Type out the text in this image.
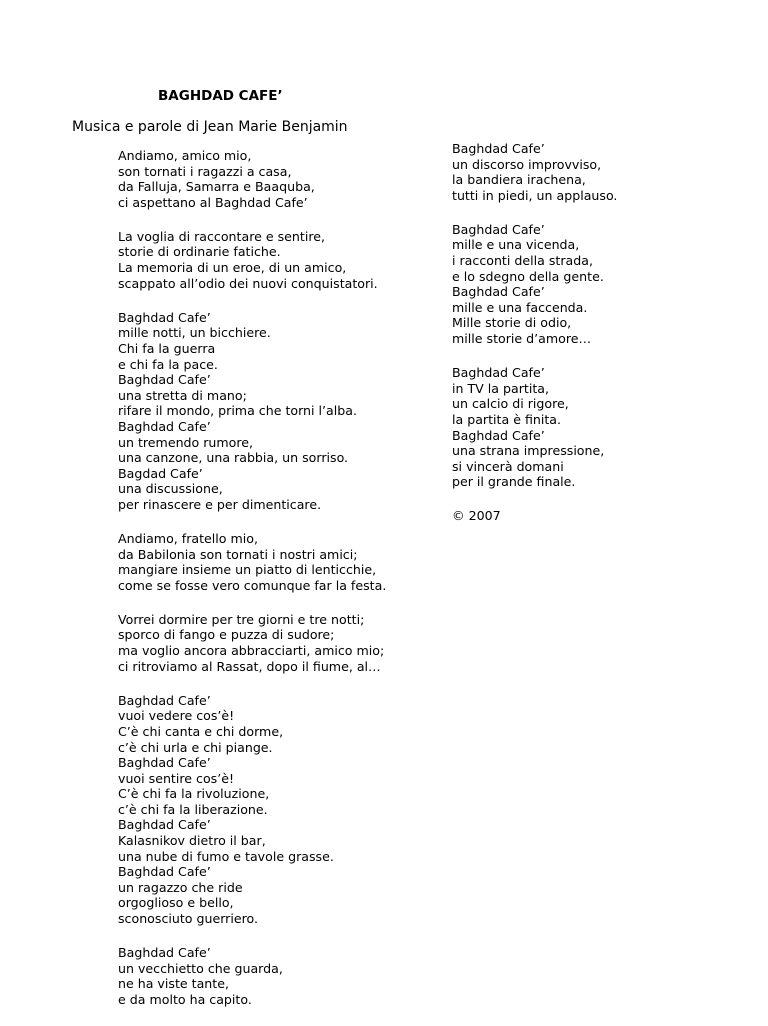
BAGHDAD CAFE’
Musica e parole di Jean Marie Benjamin
Andiamo, amico mio,
son tornati i ragazzi a casa,
da Falluja, Samarra e Baaquba,
ci aspettano al Baghdad Cafe’
La voglia di raccontare e sentire,
storie di ordinarie fatiche.
La memoria di un eroe, di un amico,
scappato all’odio dei nuovi conquistatori.
Baghdad Cafe’
mille notti, un bicchiere.
Chi fa la guerra
e chi fa la pace.
Baghdad Cafe’
una stretta di mano;
rifare il mondo, prima che torni l’alba.
Baghdad Cafe’
un tremendo rumore,
una canzone, una rabbia, un sorriso.
Bagdad Cafe’
una discussione,
per rinascere e per dimenticare.
Andiamo, fratello mio,
da Babilonia son tornati i nostri amici;
mangiare insieme un piatto di lenticchie,
come se fosse vero comunque far la festa.
Vorrei dormire per tre giorni e tre notti;
sporco di fango e puzza di sudore;
ma voglio ancora abbracciarti, amico mio;
ci ritroviamo al Rassat, dopo il fiume, al…
Baghdad Cafe’
vuoi vedere cos’è!
C’è chi canta e chi dorme,
c’è chi urla e chi piange.
Baghdad Cafe’
vuoi sentire cos’è!
C’è chi fa la rivoluzione,
c’è chi fa la liberazione.
Baghdad Cafe’
Kalasnikov dietro il bar,
una nube di fumo e tavole grasse.
Baghdad Cafe’
un ragazzo che ride
orgoglioso e bello,
sconosciuto guerriero.
Baghdad Cafe’
un vecchietto che guarda,
ne ha viste tante,
e da molto ha capito.
Baghdad Cafe’
un discorso improvviso,
la bandiera irachena,
tutti in piedi, un applauso.
Baghdad Cafe’
mille e una vicenda,
i racconti della strada,
e lo sdegno della gente.
Baghdad Cafe’
mille e una faccenda.
Mille storie di odio,
mille storie d’amore…
Baghdad Cafe’
in TV la partita,
un calcio di rigore,
la partita è finita.
Baghdad Cafe’
una strana impressione,
si vincerà domani
per il grande finale.
© 2007
